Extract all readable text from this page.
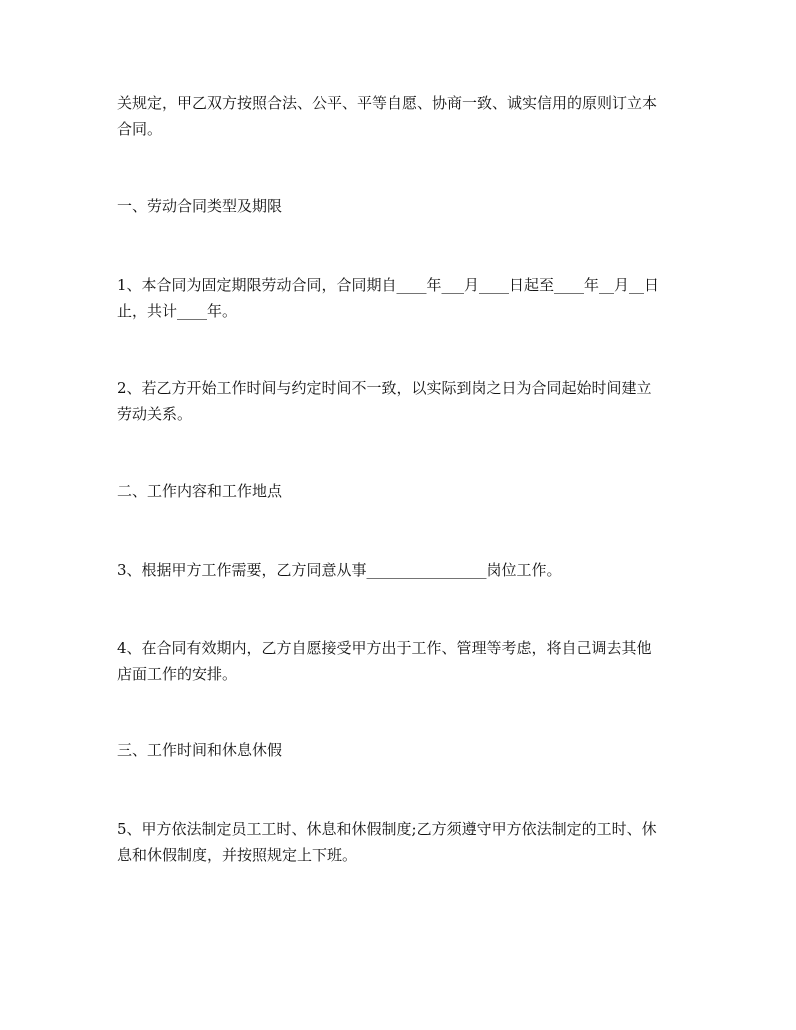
关规定，甲乙双方按照合法、公平、平等自愿、协商一致、诚实信用的原则订立本
合同。

一、劳动合同类型及期限

1、本合同为固定期限劳动合同，合同期自____年___月____日起至____年__月__日
止，共计____年。

2、若乙方开始工作时间与约定时间不一致，以实际到岗之日为合同起始时间建立
劳动关系。

二、工作内容和工作地点

3、根据甲方工作需要，乙方同意从事________________岗位工作。

4、在合同有效期内，乙方自愿接受甲方出于工作、管理等考虑，将自己调去其他
店面工作的安排。

三、工作时间和休息休假

5、甲方依法制定员工工时、休息和休假制度;乙方须遵守甲方依法制定的工时、休
息和休假制度，并按照规定上下班。
